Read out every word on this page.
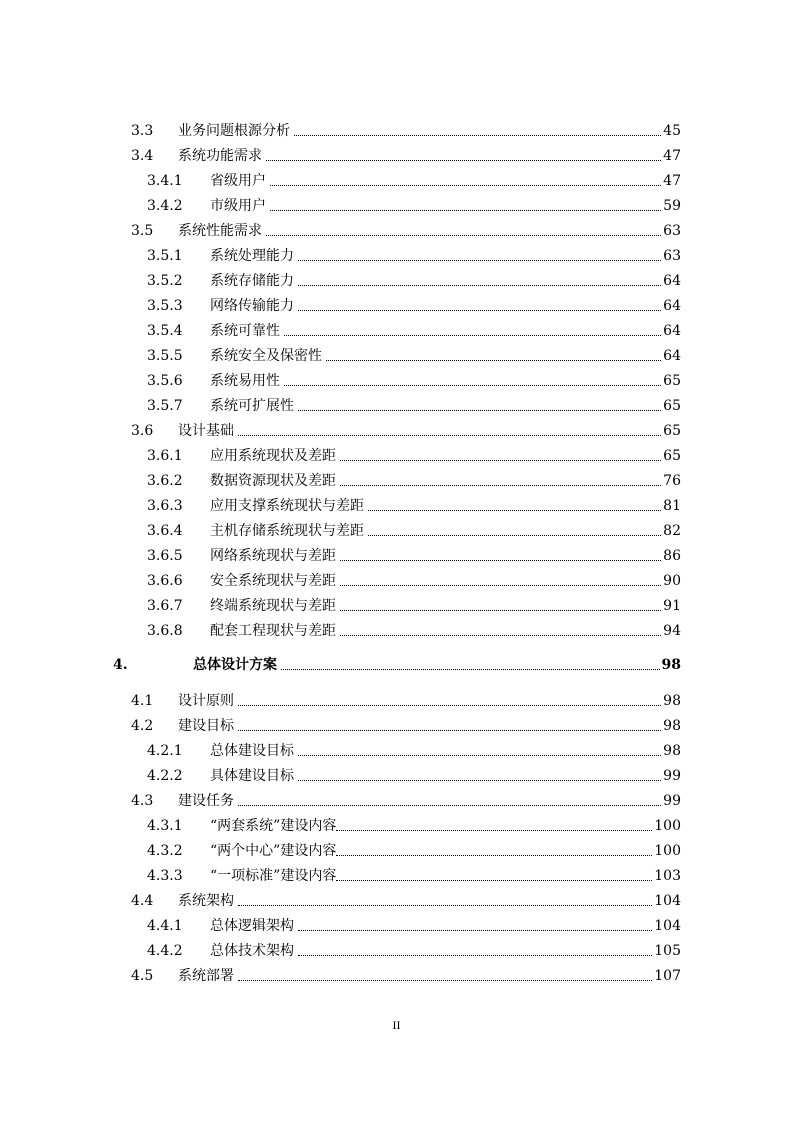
3.3	业务问题根源分析	45
3.4	系统功能需求	47
3.4.1	省级用户	47
3.4.2	市级用户	59
3.5	系统性能需求	63
3.5.1	系统处理能力	63
3.5.2	系统存储能力	64
3.5.3	网络传输能力	64
3.5.4	系统可靠性	64
3.5.5	系统安全及保密性	64
3.5.6	系统易用性	65
3.5.7	系统可扩展性	65
3.6	设计基础	65
3.6.1	应用系统现状及差距	65
3.6.2	数据资源现状及差距	76
3.6.3	应用支撑系统现状与差距	81
3.6.4	主机存储系统现状与差距	82
3.6.5	网络系统现状与差距	86
3.6.6	安全系统现状与差距	90
3.6.7	终端系统现状与差距	91
3.6.8	配套工程现状与差距	94
4.	总体设计方案	98
4.1	设计原则	98
4.2	建设目标	98
4.2.1	总体建设目标	98
4.2.2	具体建设目标	99
4.3	建设任务	99
4.3.1	“两套系统”建设内容	100
4.3.2	“两个中心”建设内容	100
4.3.3	“一项标准”建设内容	103
4.4	系统架构	104
4.4.1	总体逻辑架构	104
4.4.2	总体技术架构	105
4.5	系统部署	107
II
